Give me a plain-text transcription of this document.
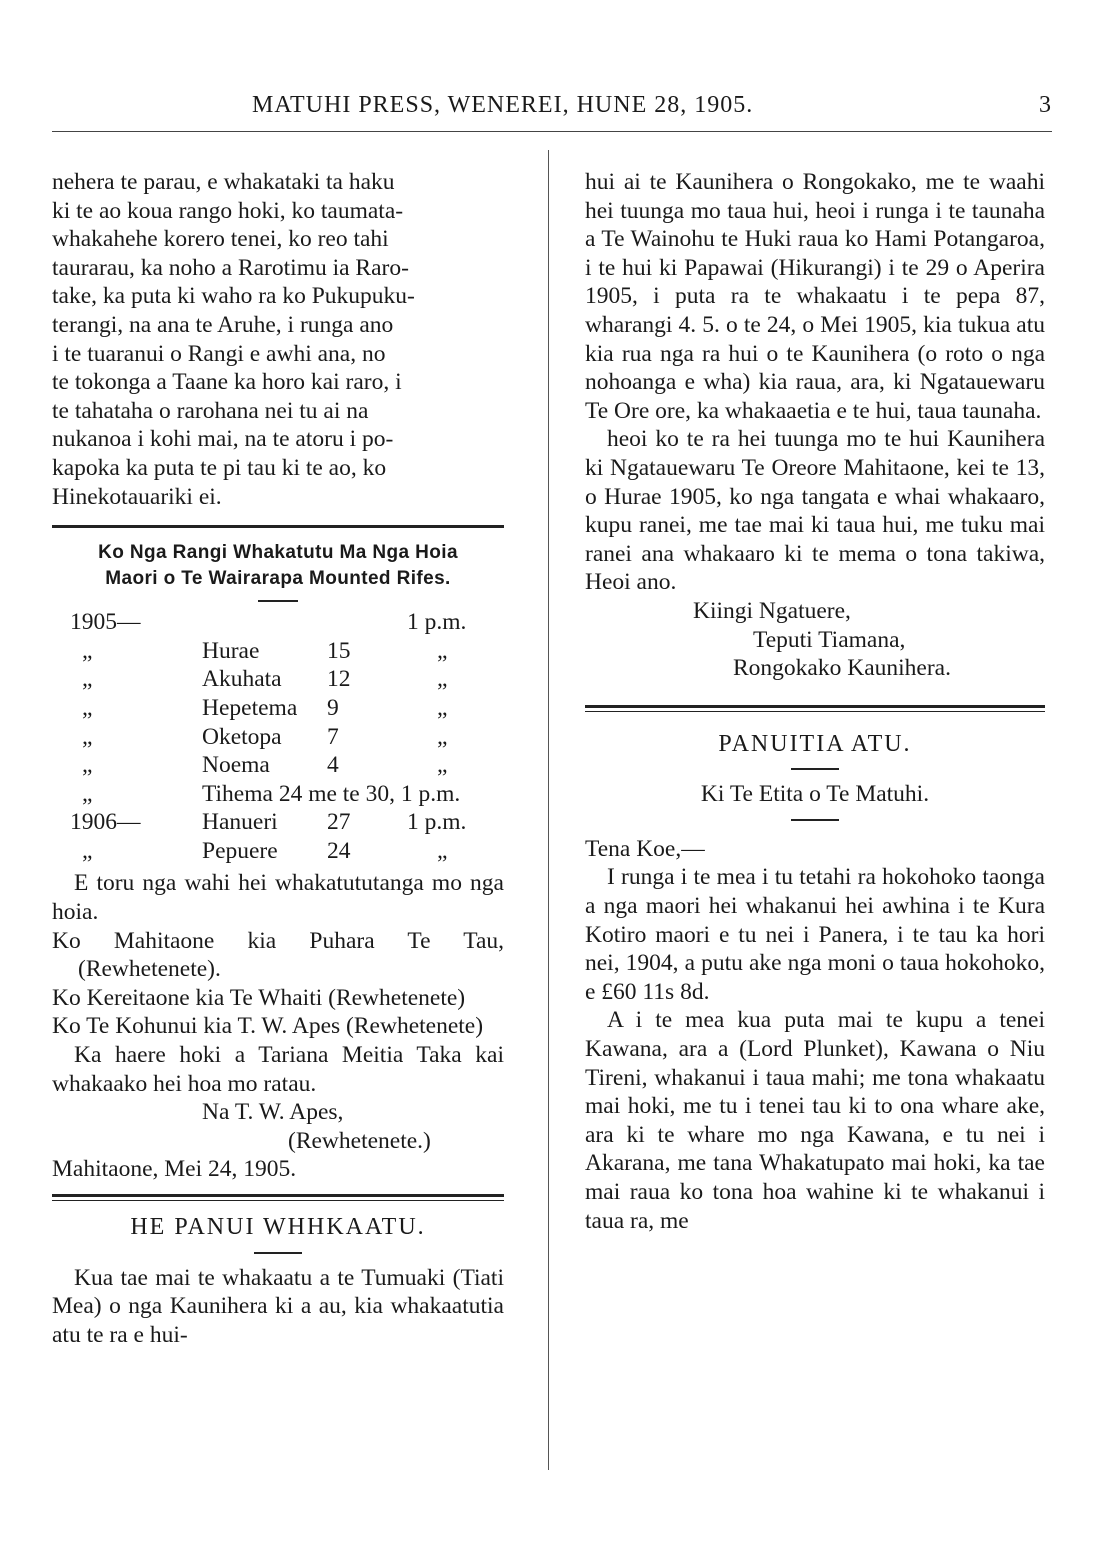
MATUHI PRESS, WENEREI, HUNE 28, 1905.	3
nehera te parau, e whakataki ta haku
ki te ao koua rango hoki, ko taumata-
whakahehe korero tenei, ko reo tahi
taurarau, ka noho a Rarotimu ia Raro-
take, ka puta ki waho ra ko Pukupuku-
terangi, na ana te Aruhe, i runga ano
i te tuaranui o Rangi e awhi ana, no
te tokonga a Taane ka horo kai raro, i
te tahataha o rarohana nei tu ai na
nukanoa i kohi mai, na te atoru i po-
kapoka ka puta te pi tau ki te ao, ko
Hinekotauariki ei.
Ko Nga Rangi Whakatutu Ma Nga Hoia
Maori o Te Wairarapa Mounted Rifes.
1905—			1 p.m.
„	Hurae	15	„
„	Akuhata	12	„
„	Hepetema	9	„
„	Oketopa	7	„
„	Noema	4	„
„	Tihema 24 me te 30, 1 p.m.		
1906—	Hanueri	27	1 p.m.
„	Pepuere	24	„

E toru nga wahi hei whakatututanga mo nga hoia.

Ko Mahitaone kia Puhara Te Tau, (Rewhetenete).

Ko Kereitaone kia Te Whaiti (Rewhetenete)

Ko Te Kohunui kia T. W. Apes (Rewhetenete)

Ka haere hoki a Tariana Meitia Taka kai whakaako hei hoa mo ratau.

Na T. W. Apes,
(Rewhetenete.)
Mahitaone, Mei 24, 1905.
HE PANUI WHHKAATU.

Kua tae mai te whakaatu a te Tumuaki (Tiati Mea) o nga Kaunihera ki a au, kia whakaatutia atu te ra e hui-

hui ai te Kaunihera o Rongokako, me te waahi hei tuunga mo taua hui, heoi i runga i te taunaha a Te Wainohu te Huki raua ko Hami Potangaroa, i te hui ki Papawai (Hikurangi) i te 29 o Aperira 1905, i puta ra te whakaatu i te pepa 87, wharangi 4. 5. o te 24, o Mei 1905, kia tukua atu kia rua nga ra hui o te Kaunihera (o roto o nga nohoanga e wha) kia raua, ara, ki Ngatauewaru Te Ore ore, ka whakaaetia e te hui, taua taunaha.

heoi ko te ra hei tuunga mo te hui Kaunihera ki Ngatauewaru Te Oreore Mahitaone, kei te 13, o Hurae 1905, ko nga tangata e whai whakaaro, kupu ranei, me tae mai ki taua hui, me tuku mai ranei ana whakaaro ki te mema o tona takiwa, Heoi ano.

Kiingi Ngatuere,
Teputi Tiamana,
Rongokako Kaunihera.
PANUITIA ATU.
Ki Te Etita o Te Matuhi.
Tena Koe,—

I runga i te mea i tu tetahi ra hokohoko taonga a nga maori hei whakanui hei awhina i te Kura Kotiro maori e tu nei i Panera, i te tau ka hori nei, 1904, a putu ake nga moni o taua hokohoko, e £60 11s 8d.

A i te mea kua puta mai te kupu a tenei Kawana, ara a (Lord Plunket), Kawana o Niu Tireni, whakanui i taua mahi; me tona whakaatu mai hoki, me tu i tenei tau ki to ona whare ake, ara ki te whare mo nga Kawana, e tu nei i Akarana, me tana Whakatupato mai hoki, ka tae mai raua ko tona hoa wahine ki te whakanui i taua ra, me
